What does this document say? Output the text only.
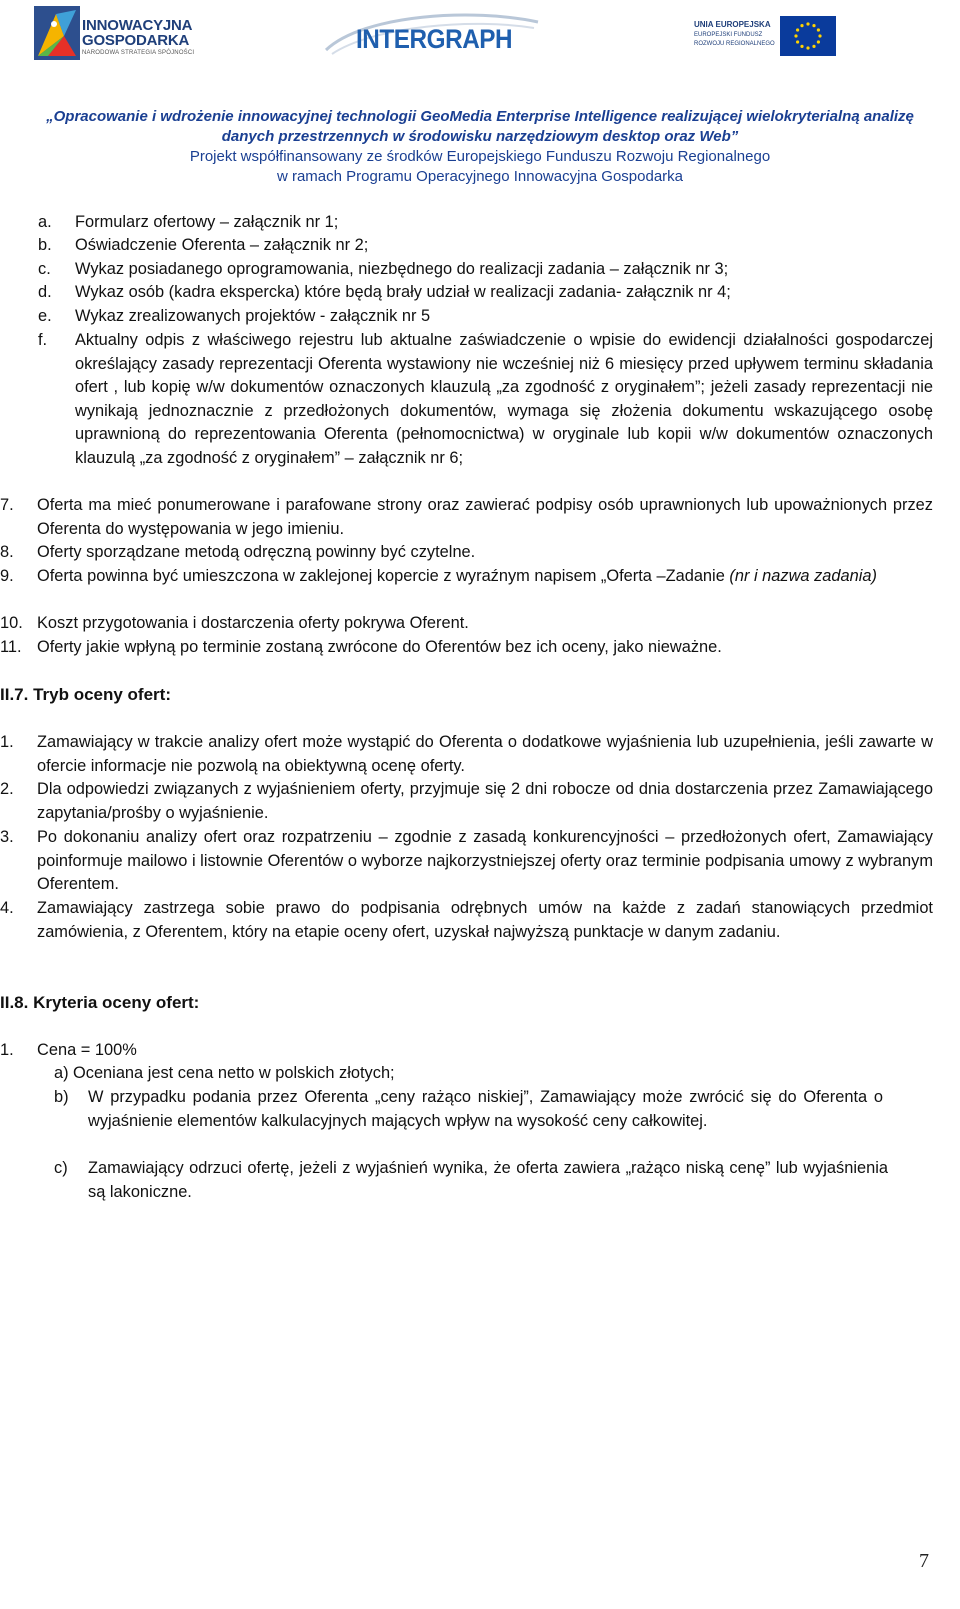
INNOWACYJNA
GOSPODARKA
NARODOWA STRATEGIA SPÓJNOŚCI	INTERGRAPH	UNIA EUROPEJSKA
EUROPEJSKI FUNDUSZ
ROZWOJU REGIONALNEGO
„Opracowanie i wdrożenie innowacyjnej technologii GeoMedia Enterprise Intelligence realizującej wielokryterialną analizę
danych przestrzennych w środowisku narzędziowym desktop oraz Web”
Projekt współfinansowany ze środków Europejskiego Funduszu Rozwoju Regionalnego
w ramach Programu Operacyjnego Innowacyjna Gospodarka
a. Formularz ofertowy – załącznik nr 1;
b. Oświadczenie Oferenta – załącznik nr 2;
c. Wykaz posiadanego oprogramowania, niezbędnego do realizacji zadania – załącznik nr 3;
d. Wykaz osób (kadra ekspercka) które będą brały udział w realizacji zadania- załącznik nr 4;
e. Wykaz zrealizowanych projektów - załącznik nr 5
f. Aktualny odpis z właściwego rejestru lub aktualne zaświadczenie o wpisie do ewidencji działalności gospodarczej określający zasady reprezentacji Oferenta wystawiony nie wcześniej niż 6 miesięcy przed upływem terminu składania ofert , lub kopię w/w dokumentów oznaczonych klauzulą „za zgodność z oryginałem”; jeżeli zasady reprezentacji nie wynikają jednoznacznie z przedłożonych dokumentów, wymaga się złożenia dokumentu wskazującego osobę uprawnioną do reprezentowania Oferenta (pełnomocnictwa) w oryginale lub kopii w/w dokumentów oznaczonych klauzulą „za zgodność z oryginałem” – załącznik nr 6;
7. Oferta ma mieć ponumerowane i parafowane strony oraz zawierać podpisy osób uprawnionych lub upoważnionych przez Oferenta do występowania w jego imieniu.
8. Oferty sporządzane metodą odręczną powinny być czytelne.
9. Oferta powinna być umieszczona w zaklejonej kopercie z wyraźnym napisem „Oferta –Zadanie (nr i nazwa zadania)
10. Koszt przygotowania i dostarczenia oferty pokrywa Oferent.
11. Oferty jakie wpłyną po terminie zostaną zwrócone do Oferentów bez ich oceny, jako nieważne.
II.7. Tryb oceny ofert:
1. Zamawiający w trakcie analizy ofert może wystąpić do Oferenta o dodatkowe wyjaśnienia lub uzupełnienia, jeśli zawarte w ofercie informacje nie pozwolą na obiektywną ocenę oferty.
2. Dla odpowiedzi związanych z wyjaśnieniem oferty, przyjmuje się 2 dni robocze od dnia dostarczenia przez Zamawiającego zapytania/prośby o wyjaśnienie.
3. Po dokonaniu analizy ofert oraz rozpatrzeniu – zgodnie z zasadą konkurencyjności – przedłożonych ofert, Zamawiający poinformuje mailowo i listownie Oferentów o wyborze najkorzystniejszej oferty oraz terminie podpisania umowy z wybranym Oferentem.
4. Zamawiający zastrzega sobie prawo do podpisania odrębnych umów na każde z zadań stanowiących przedmiot zamówienia, z Oferentem, który na etapie oceny ofert, uzyskał najwyższą punktacje w danym zadaniu.
II.8. Kryteria oceny ofert:
1. Cena = 100%
a) Oceniana jest cena netto w polskich złotych;
b) W przypadku podania przez Oferenta „ceny rażąco niskiej”, Zamawiający może zwrócić się do Oferenta o wyjaśnienie elementów kalkulacyjnych mających wpływ na wysokość ceny całkowitej.
c) Zamawiający odrzuci ofertę, jeżeli z wyjaśnień wynika, że oferta zawiera „rażąco niską cenę” lub wyjaśnienia są lakoniczne.
7
